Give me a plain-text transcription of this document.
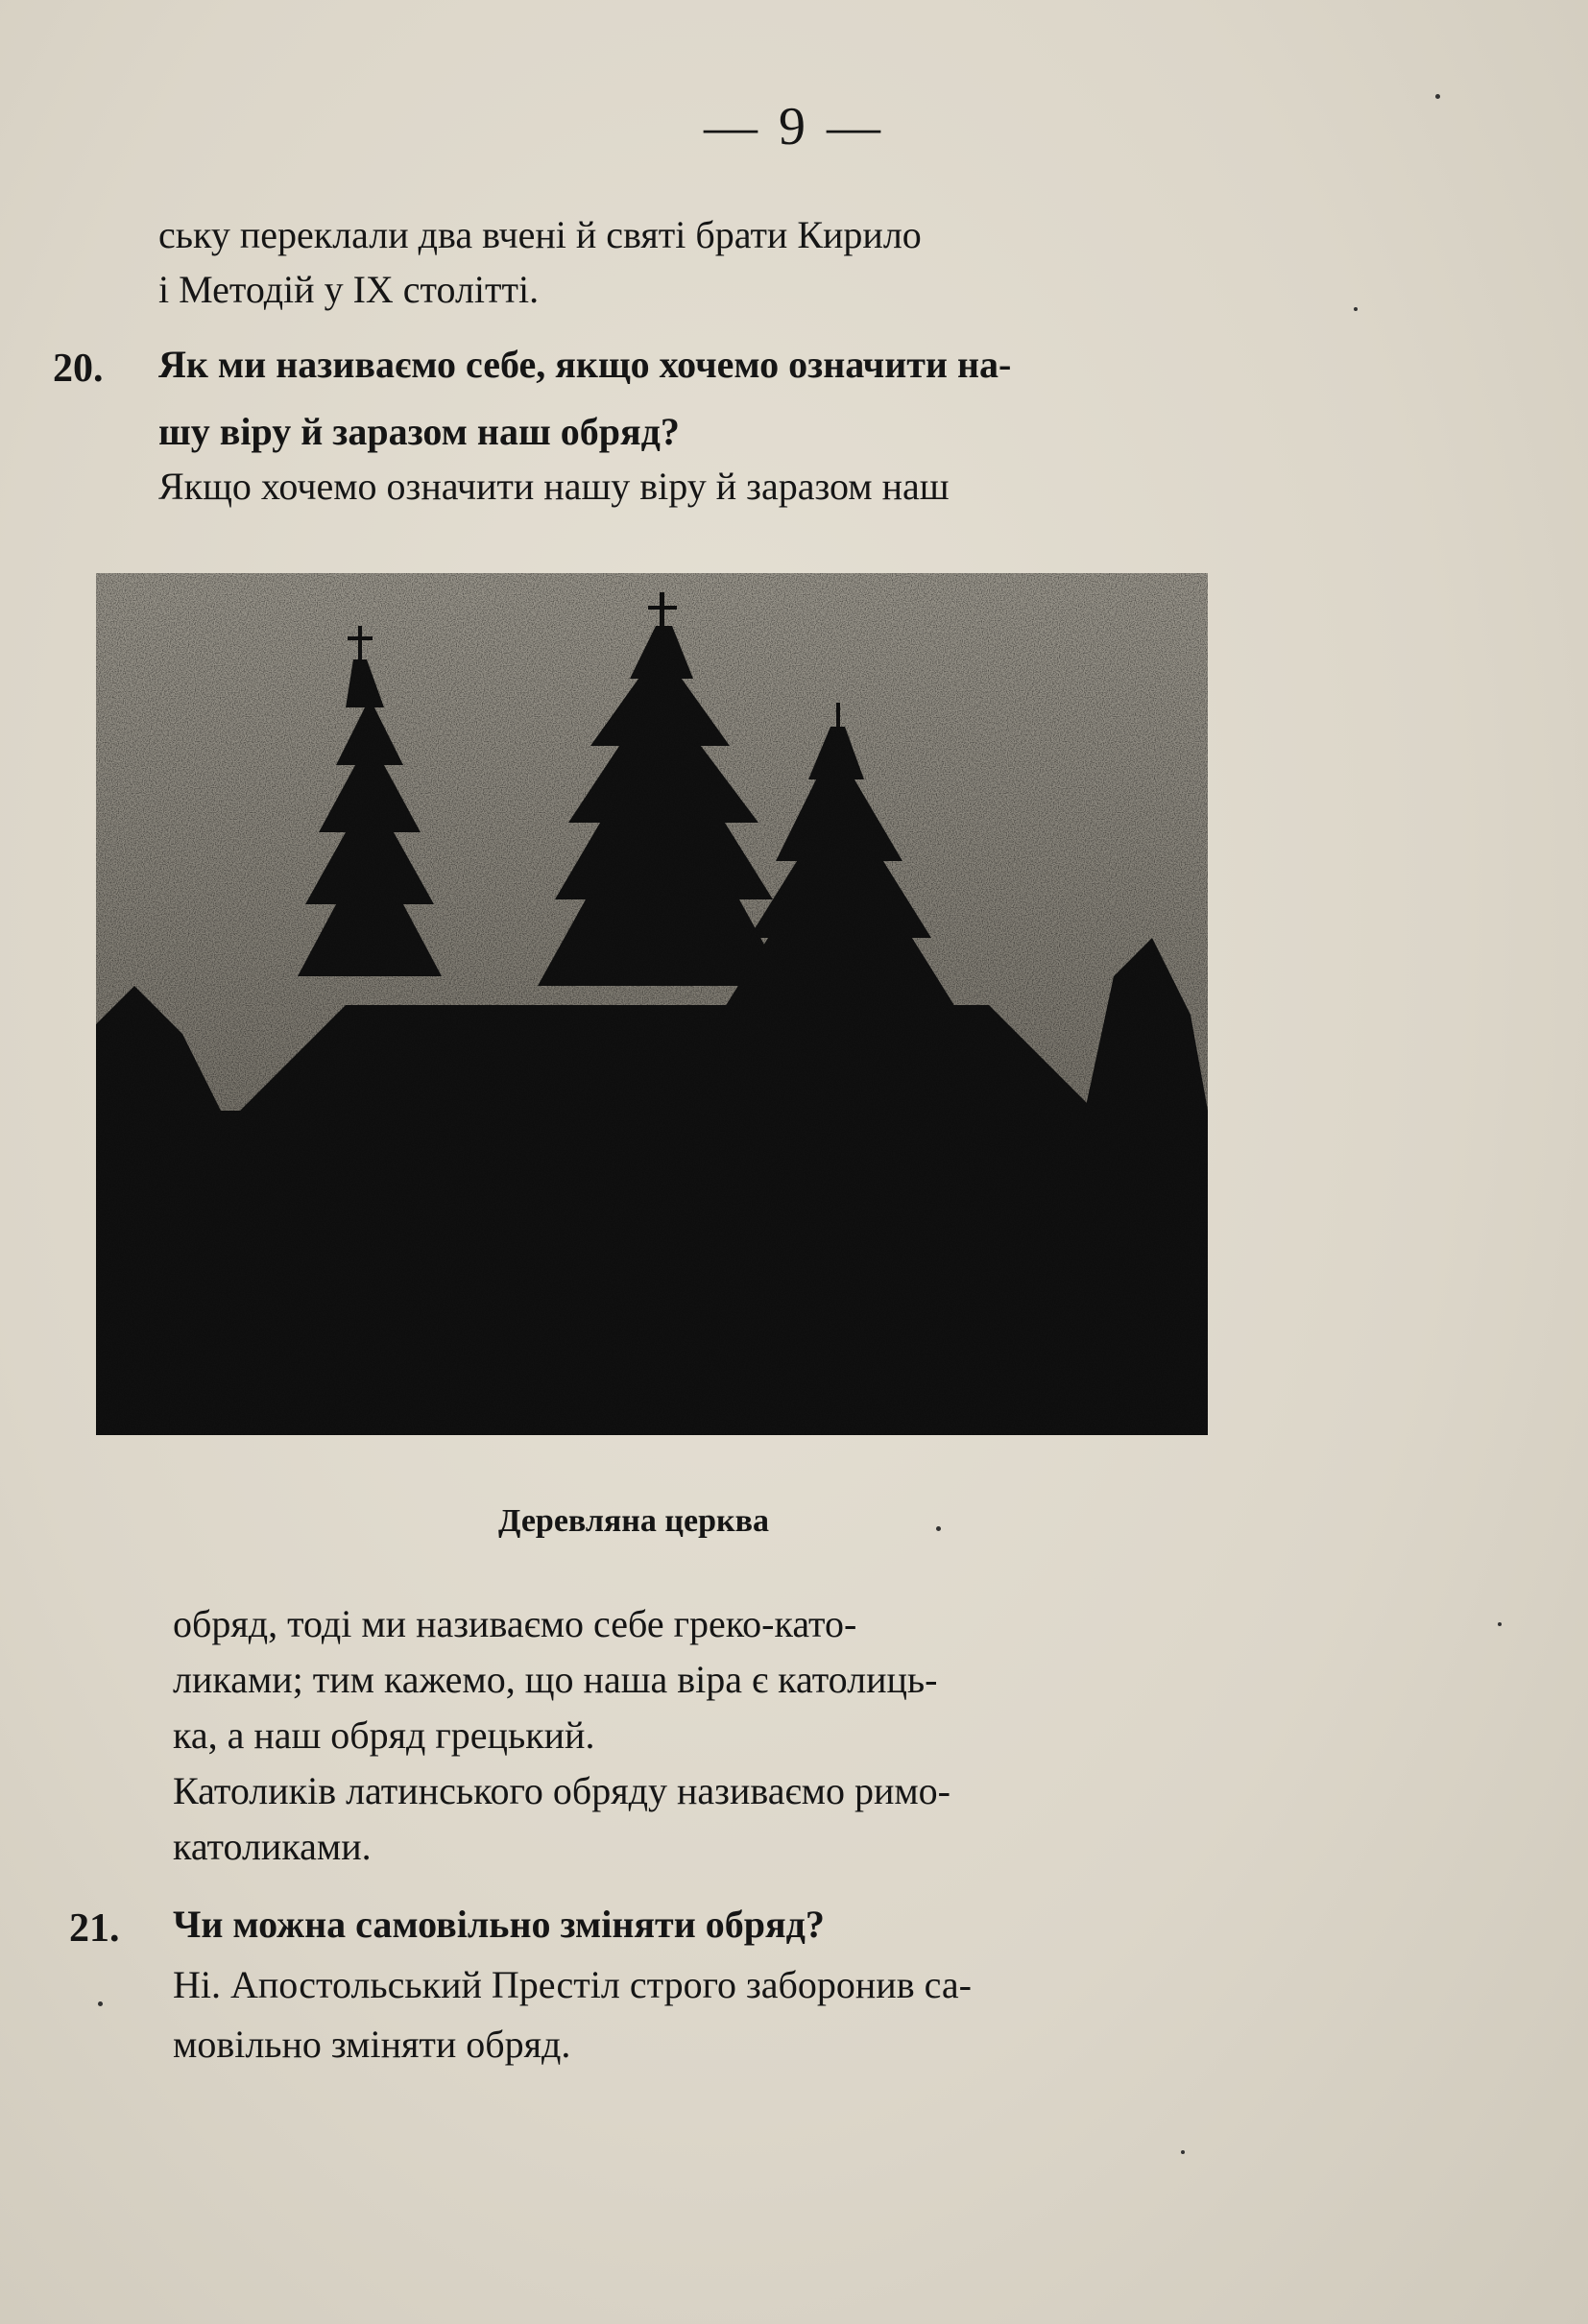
— 9 —
ську переклали два вчені й святі брати Кирило
і Методій у IX столітті.
20. Як ми називаємо себе, якщо хочемо означити на-
шу віру й заразом наш обряд?
Якщо хочемо означити нашу віру й заразом наш
Деревляна церква
обряд, тоді ми називаємо себе греко-като-
ликами; тим кажемо, що наша віра є католиць-
ка, а наш обряд грецький.
Католиків латинського обряду називаємо римо-
католиками.
21. Чи можна самовільно зміняти обряд?
Ні. Апостольський Престіл строго заборонив са-
мовільно зміняти обряд.
